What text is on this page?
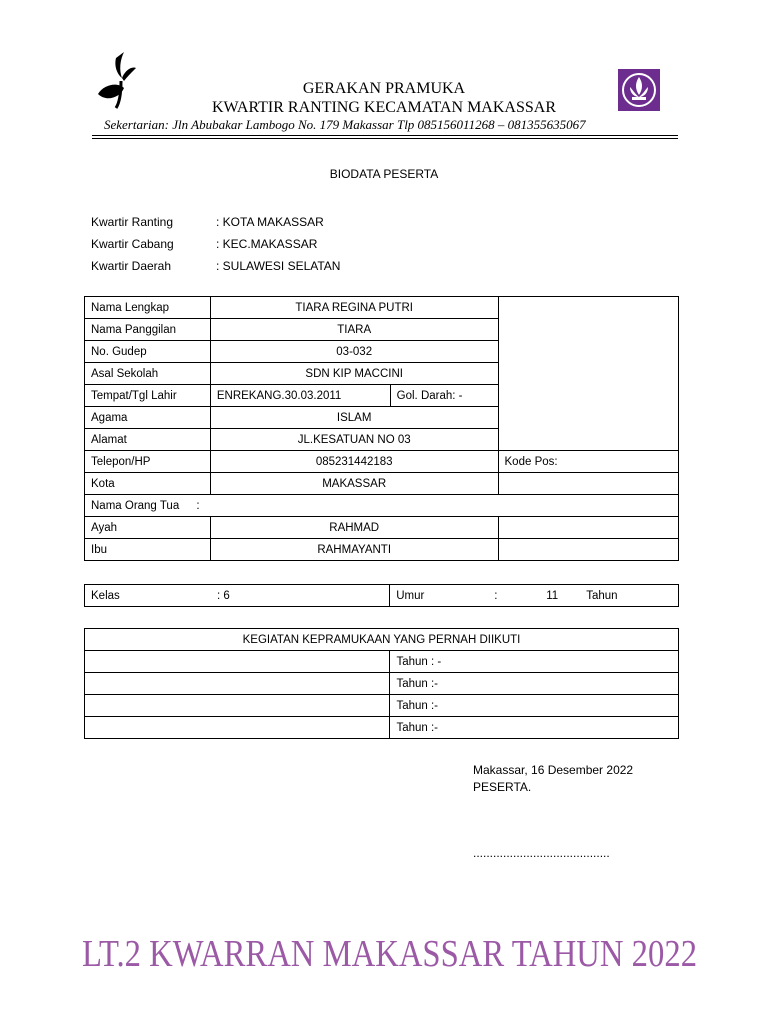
GERAKAN PRAMUKA
KWARTIR RANTING KECAMATAN MAKASSAR
Sekertarian: Jln Abubakar Lambogo No. 179 Makassar Tlp 085156011268 – 081355635067
BIODATA PESERTA
Kwartir Ranting	: KOTA MAKASSAR
Kwartir Cabang	: KEC.MAKASSAR
Kwartir Daerah	: SULAWESI SELATAN
Nama Lengkap	TIARA REGINA PUTRI		
Nama Panggilan	TIARA		
No. Gudep	03-032		
Asal Sekolah	SDN KIP MACCINI		
Tempat/Tgl Lahir	ENREKANG.30.03.2011	Gol. Darah: -	
Agama	ISLAM		
Alamat	JL.KESATUAN NO 03		
Telepon/HP	085231442183		Kode Pos:
Kota	MAKASSAR		
Nama Orang Tua :			
Ayah	RAHMAD		
Ibu	RAHMAYANTI		
Kelas	: 6	Umur	:	11 Tahun
KEGIATAN KEPRAMUKAAN YANG PERNAH DIIKUTI	
	Tahun : -
	Tahun :-
	Tahun :-
	Tahun :-
Makassar, 16 Desember 2022
PESERTA.
.........................................
LT.2 KWARRAN MAKASSAR TAHUN 2022
